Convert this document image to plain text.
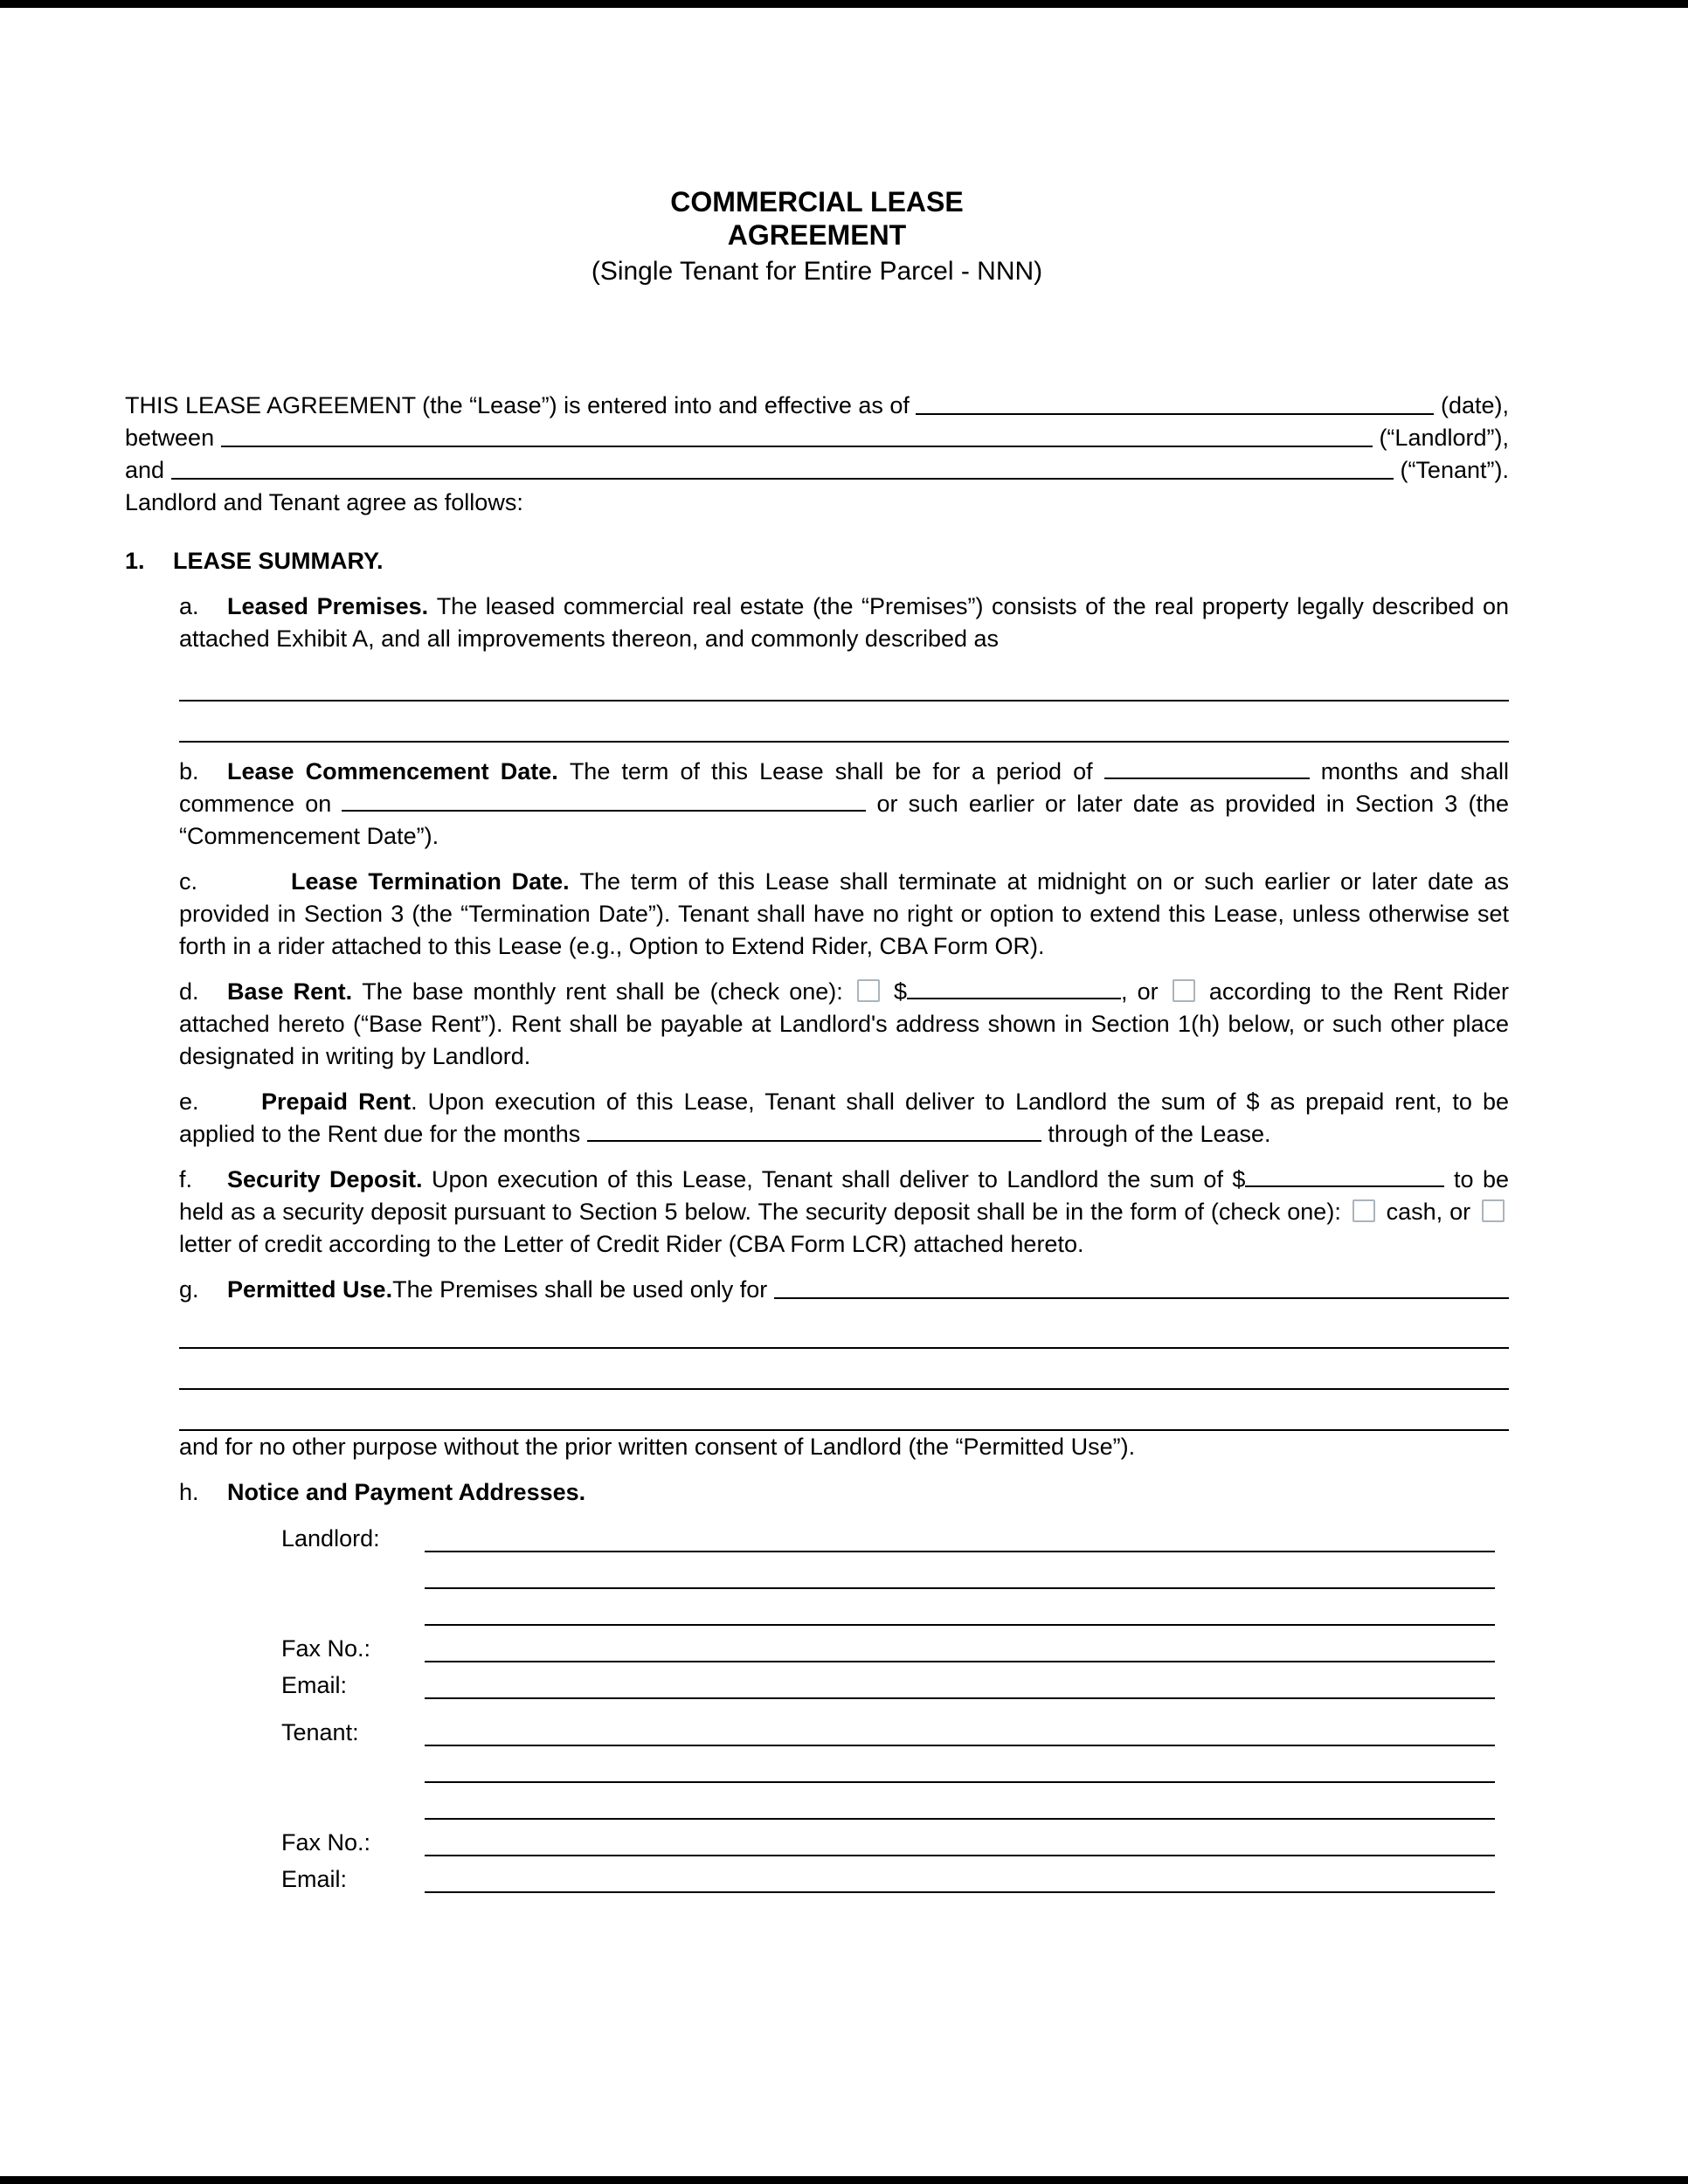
COMMERCIAL LEASE
AGREEMENT
(Single Tenant for Entire Parcel - NNN)
THIS LEASE AGREEMENT (the “Lease”) is entered into and effective as of	(date),
between	(“Landlord”),
and	(“Tenant”).

Landlord and Tenant agree as follows:

1. LEASE SUMMARY.

a. Leased Premises. The leased commercial real estate (the “Premises”) consists of the real property legally described on attached Exhibit A, and all improvements thereon, and commonly described as

b. Lease Commencement Date. The term of this Lease shall be for a period of	months and shall commence on	or such earlier or later date as provided in Section 3 (the “Commencement Date”).

c.	Lease Termination Date. The term of this Lease shall terminate at midnight on or such earlier or later date as provided in Section 3 (the “Termination Date”). Tenant shall have no right or option to extend this Lease, unless otherwise set forth in a rider attached to this Lease (e.g., Option to Extend Rider, CBA Form OR).

d. Base Rent. The base monthly rent shall be (check one):  $	, or  according to the Rent Rider attached hereto (“Base Rent”). Rent shall be payable at Landlord's address shown in Section 1(h) below, or such other place designated in writing by Landlord.

e.	Prepaid Rent. Upon execution of this Lease, Tenant shall deliver to Landlord the sum of $ as prepaid rent, to be applied to the Rent due for the months	through of the Lease.

f. Security Deposit. Upon execution of this Lease, Tenant shall deliver to Landlord the sum of $	to be held as a security deposit pursuant to Section 5 below. The security deposit shall be in the form of (check one):  cash, or  letter of credit according to the Letter of Credit Rider (CBA Form LCR) attached hereto.

g.	Permitted Use. The Premises shall be used only for

and for no other purpose without the prior written consent of Landlord (the “Permitted Use”).

h. Notice and Payment Addresses.

Landlord:
Fax No.:
Email:
Tenant:
Fax No.:
Email:
